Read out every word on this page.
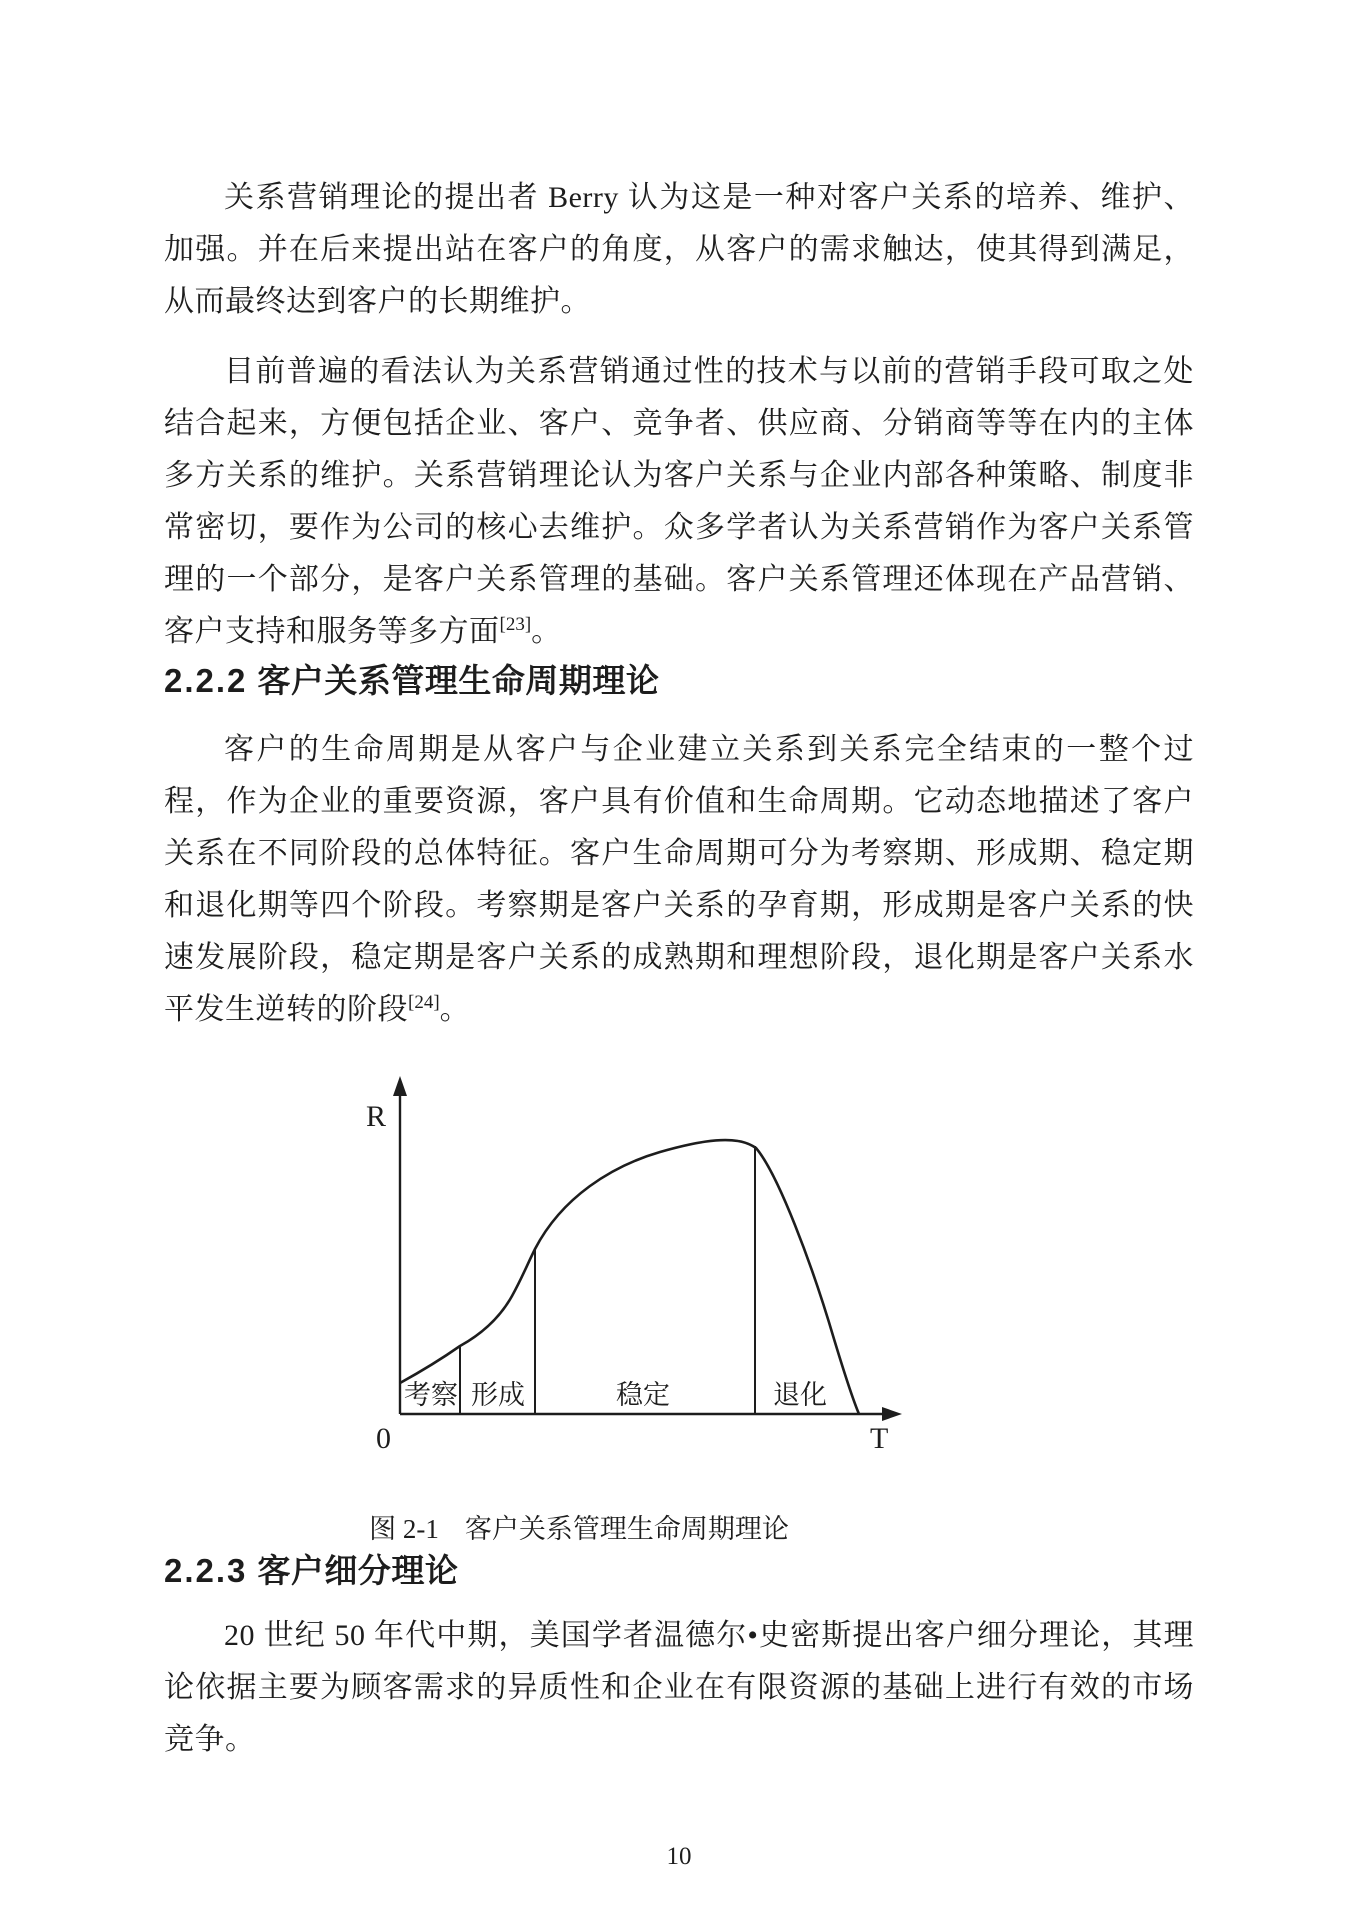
关系营销理论的提出者 Berry 认为这是一种对客户关系的培养、维护、加强。并在后来提出站在客户的角度，从客户的需求触达，使其得到满足，从而最终达到客户的长期维护。

目前普遍的看法认为关系营销通过性的技术与以前的营销手段可取之处结合起来，方便包括企业、客户、竞争者、供应商、分销商等等在内的主体多方关系的维护。关系营销理论认为客户关系与企业内部各种策略、制度非常密切，要作为公司的核心去维护。众多学者认为关系营销作为客户关系管理的一个部分，是客户关系管理的基础。客户关系管理还体现在产品营销、客户支持和服务等多方面[23]。

2.2.2 客户关系管理生命周期理论

客户的生命周期是从客户与企业建立关系到关系完全结束的一整个过程，作为企业的重要资源，客户具有价值和生命周期。它动态地描述了客户关系在不同阶段的总体特征。客户生命周期可分为考察期、形成期、稳定期和退化期等四个阶段。考察期是客户关系的孕育期，形成期是客户关系的快速发展阶段，稳定期是客户关系的成熟期和理想阶段，退化期是客户关系水平发生逆转的阶段[24]。

R
0	T
考察 形成	稳定	退化
图 2-1 客户关系管理生命周期理论
2.2.3 客户细分理论

20 世纪 50 年代中期，美国学者温德尔•史密斯提出客户细分理论，其理论依据主要为顾客需求的异质性和企业在有限资源的基础上进行有效的市场竞争。

10
